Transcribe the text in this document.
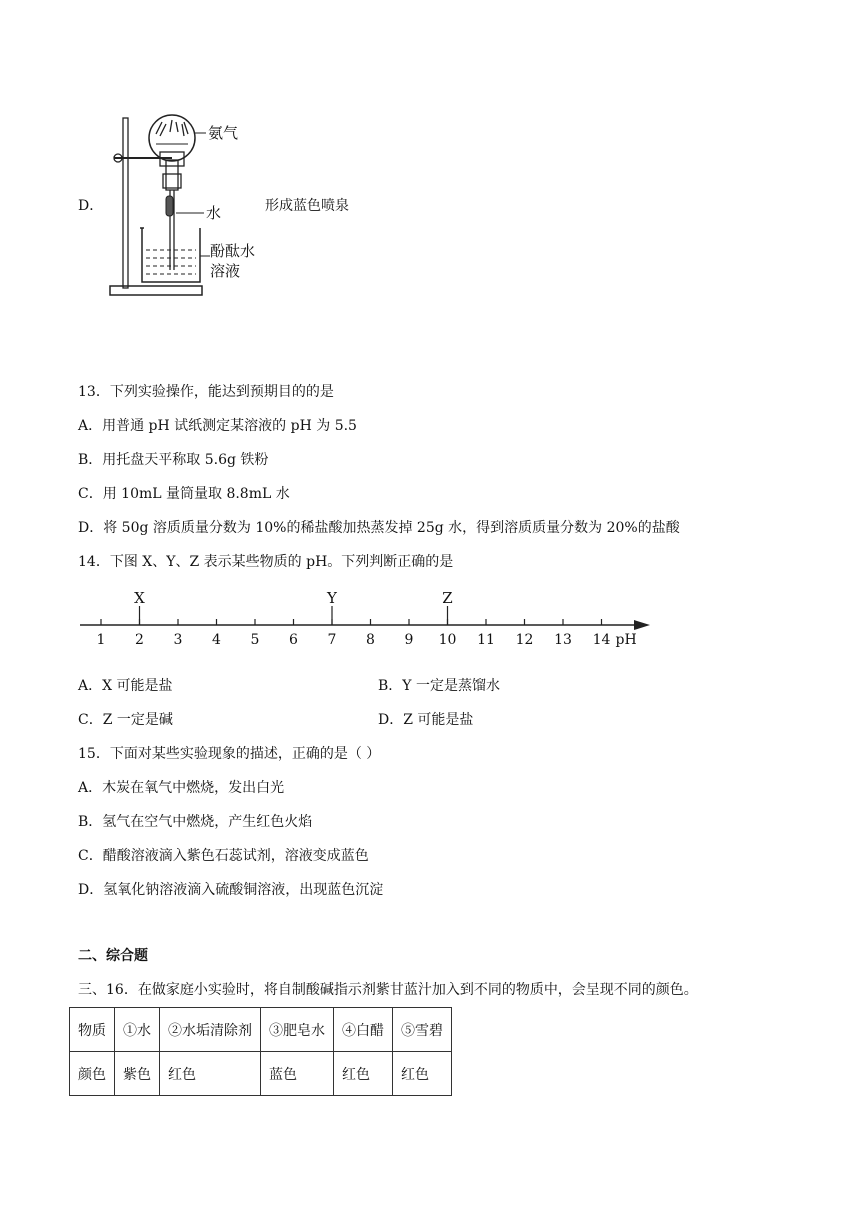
D．
氨气
水
酚酞水
溶液
形成蓝色喷泉
13．下列实验操作，能达到预期目的的是
A．用普通 pH 试纸测定某溶液的 pH 为 5.5
B．用托盘天平称取 5.6g 铁粉
C．用 10mL 量筒量取 8.8mL 水
D．将 50g 溶质质量分数为 10%的稀盐酸加热蒸发掉 25g 水，得到溶质质量分数为 20%的盐酸
14．下图 X、Y、Z 表示某些物质的 pH。下列判断正确的是
1 2 3 4 5 6 7 8 9 10 11 12 13 14 pH
X	Y	Z
A．X 可能是盐	B．Y 一定是蒸馏水
C．Z 一定是碱	D．Z 可能是盐
15．下面对某些实验现象的描述，正确的是（ ）
A．木炭在氧气中燃烧，发出白光
B．氢气在空气中燃烧，产生红色火焰
C．醋酸溶液滴入紫色石蕊试剂，溶液变成蓝色
D．氢氧化钠溶液滴入硫酸铜溶液，出现蓝色沉淀
二、综合题
三、16．在做家庭小实验时，将自制酸碱指示剂紫甘蓝汁加入到不同的物质中，会呈现不同的颜色。
物质	①水	②水垢清除剂	③肥皂水	④白醋	⑤雪碧
颜色	紫色	红色	蓝色	红色	红色
